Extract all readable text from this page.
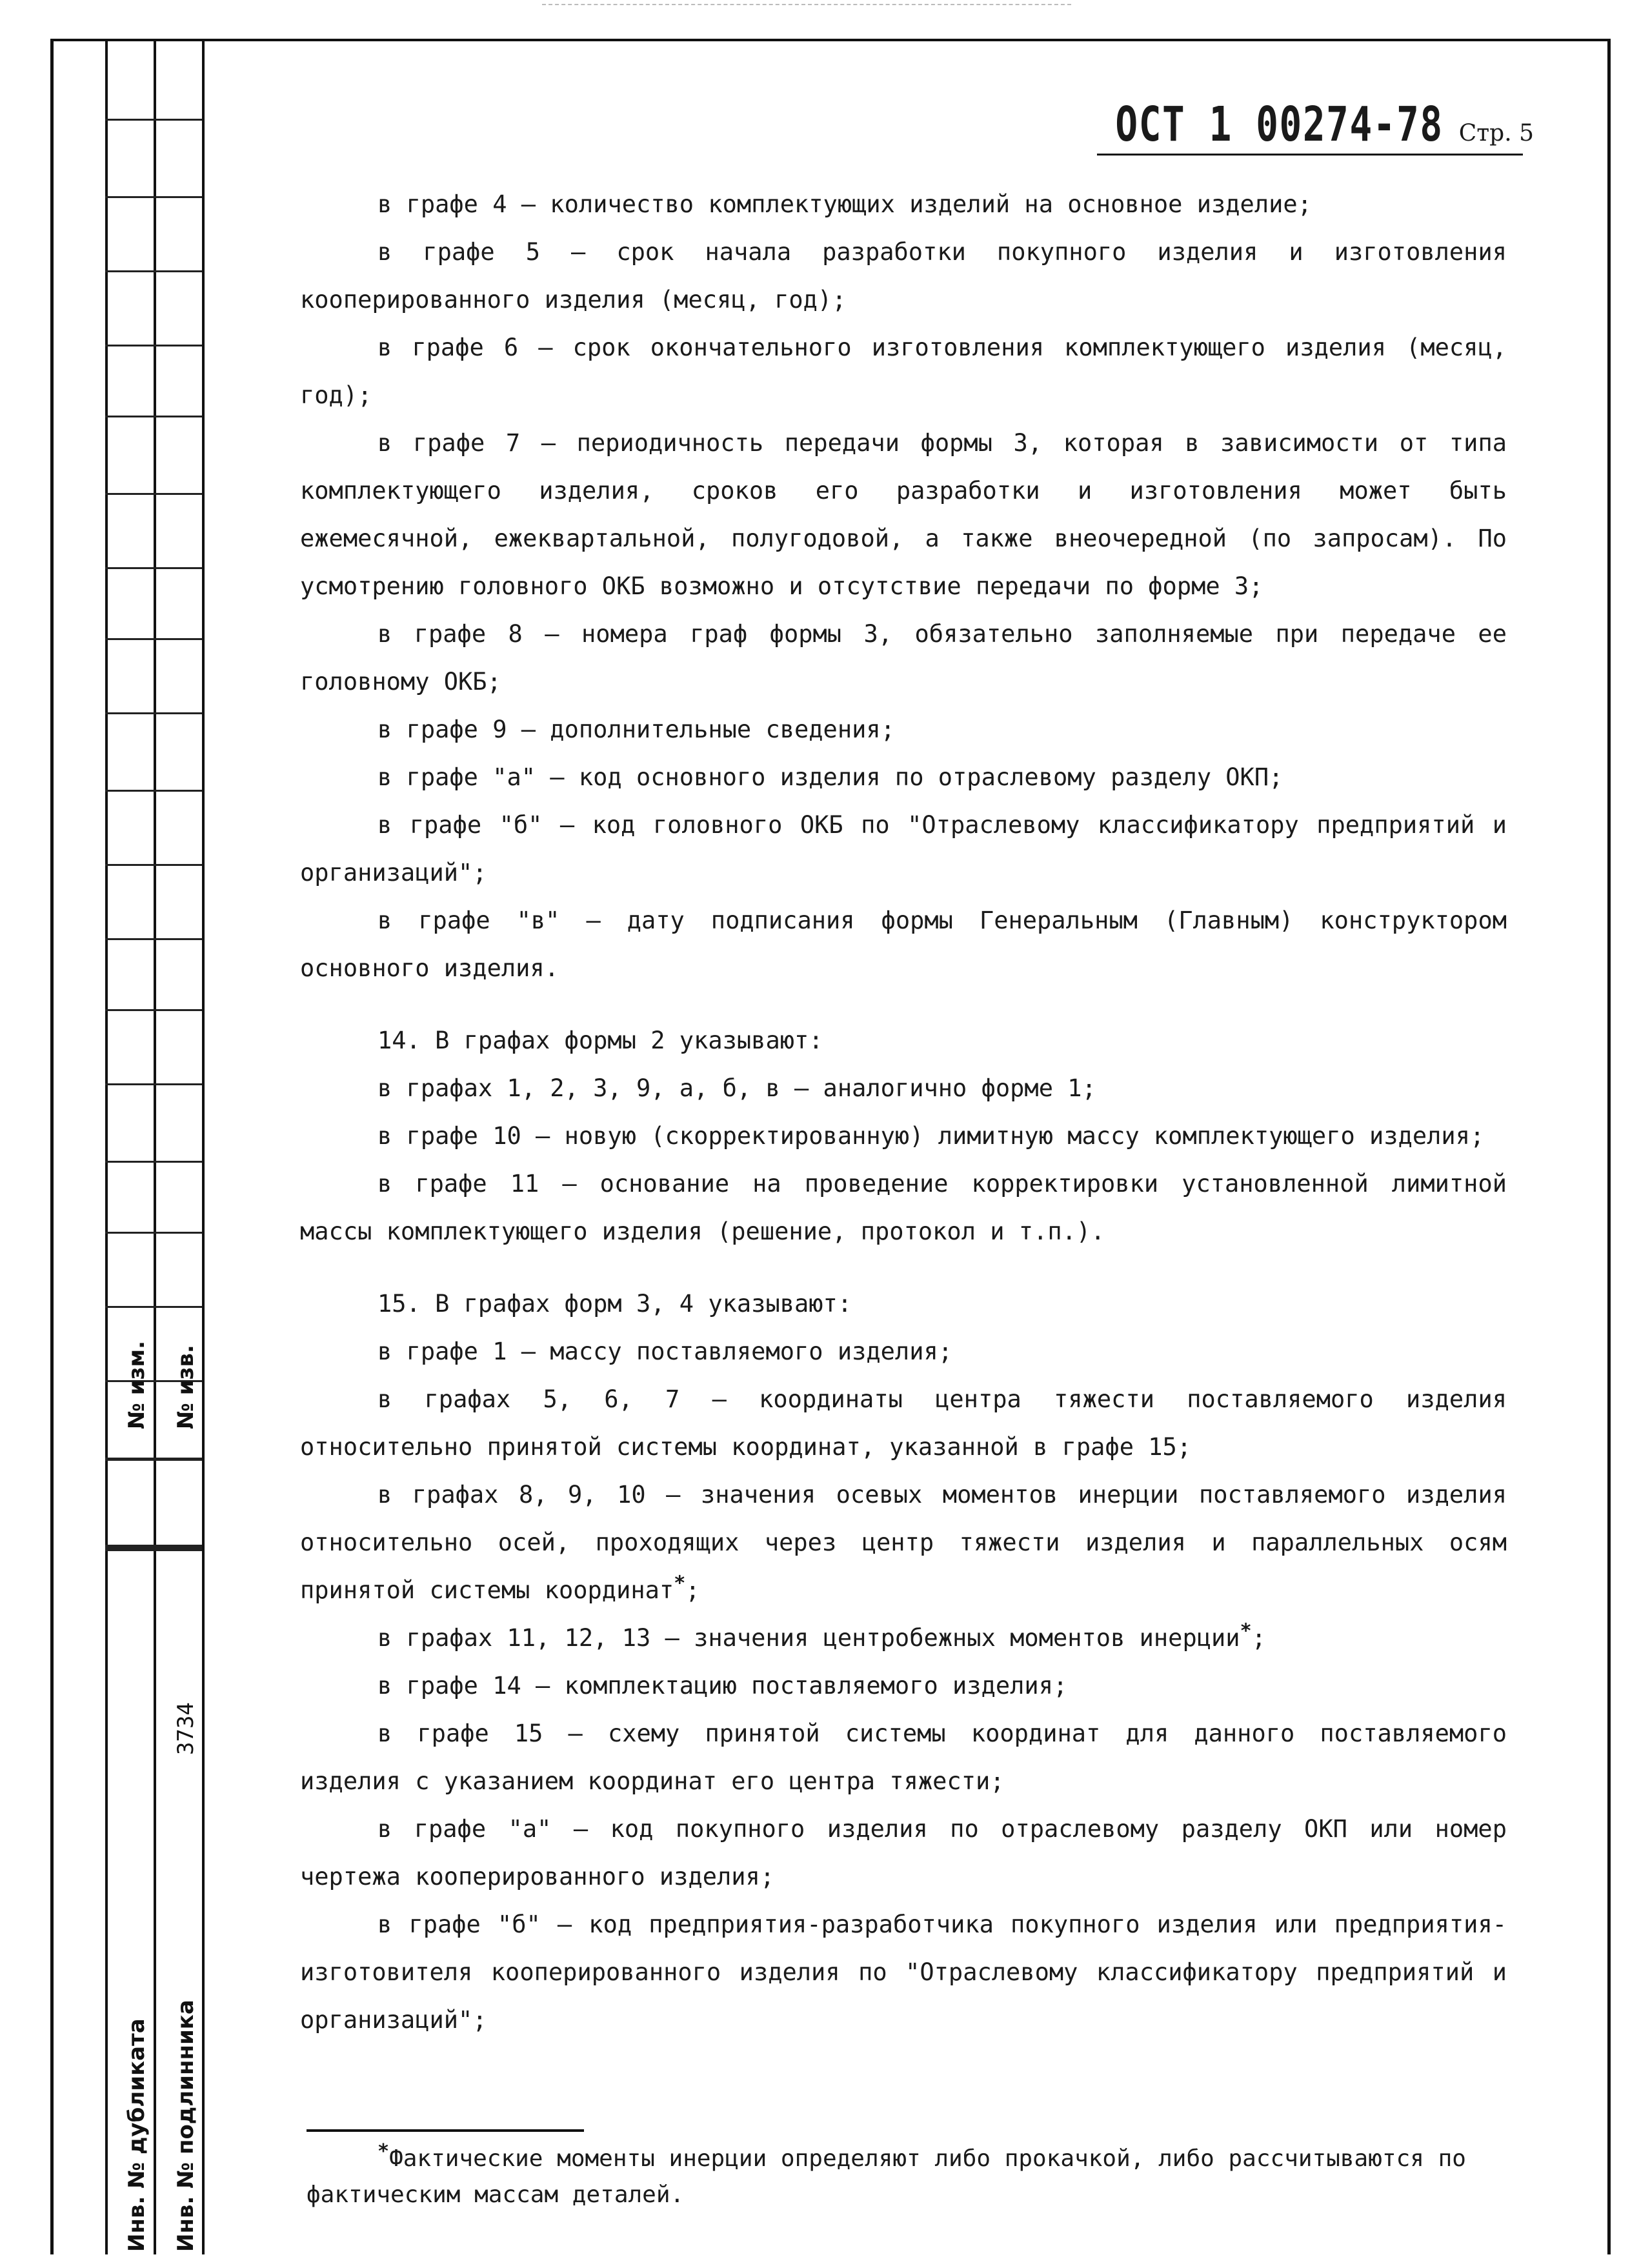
№ изм. № изв.
3734
Инв. № дубликата Инв. № подлинника
ОСТ 1 00274-78 Стр. 5

в графе 4 – количество комплектующих изделий на основное изделие;

в графе 5 – срок начала разработки покупного изделия и изготовления кооперированного изделия (месяц, год);

в графе 6 – срок окончательного изготовления комплектующего изделия (месяц, год);

в графе 7 – периодичность передачи формы 3, которая в зависимости от типа комплектующего изделия, сроков его разработки и изготовления может быть ежемесячной, ежеквартальной, полугодовой, а также внеочередной (по запросам). По усмотрению головного ОКБ возможно и отсутствие передачи по форме 3;

в графе 8 – номера граф формы 3, обязательно заполняемые при передаче ее головному ОКБ;

в графе 9 – дополнительные сведения;

в графе "а" – код основного изделия по отраслевому разделу ОКП;

в графе "б" – код головного ОКБ по "Отраслевому классификатору предприятий и организаций";

в графе "в" – дату подписания формы Генеральным (Главным) конструктором основного изделия.

14. В графах формы 2 указывают:

в графах 1, 2, 3, 9, а, б, в – аналогично форме 1;

в графе 10 – новую (скорректированную) лимитную массу комплектующего изделия;

в графе 11 – основание на проведение корректировки установленной лимитной массы комплектующего изделия (решение, протокол и т.п.).

15. В графах форм 3, 4 указывают:

в графе 1 – массу поставляемого изделия;

в графах 5, 6, 7 – координаты центра тяжести поставляемого изделия относительно принятой системы координат, указанной в графе 15;

в графах 8, 9, 10 – значения осевых моментов инерции поставляемого изделия относительно осей, проходящих через центр тяжести изделия и параллельных осям принятой системы координат*;

в графах 11, 12, 13 – значения центробежных моментов инерции*;

в графе 14 – комплектацию поставляемого изделия;

в графе 15 – схему принятой системы координат для данного поставляемого изделия с указанием координат его центра тяжести;

в графе "а" – код покупного изделия по отраслевому разделу ОКП или номер чертежа кооперированного изделия;

в графе "б" – код предприятия-разработчика покупного изделия или предприятия-изготовителя кооперированного изделия по "Отраслевому классификатору предприятий и организаций";

*Фактические моменты инерции определяют либо прокачкой, либо рассчитываются по фактическим массам деталей.
